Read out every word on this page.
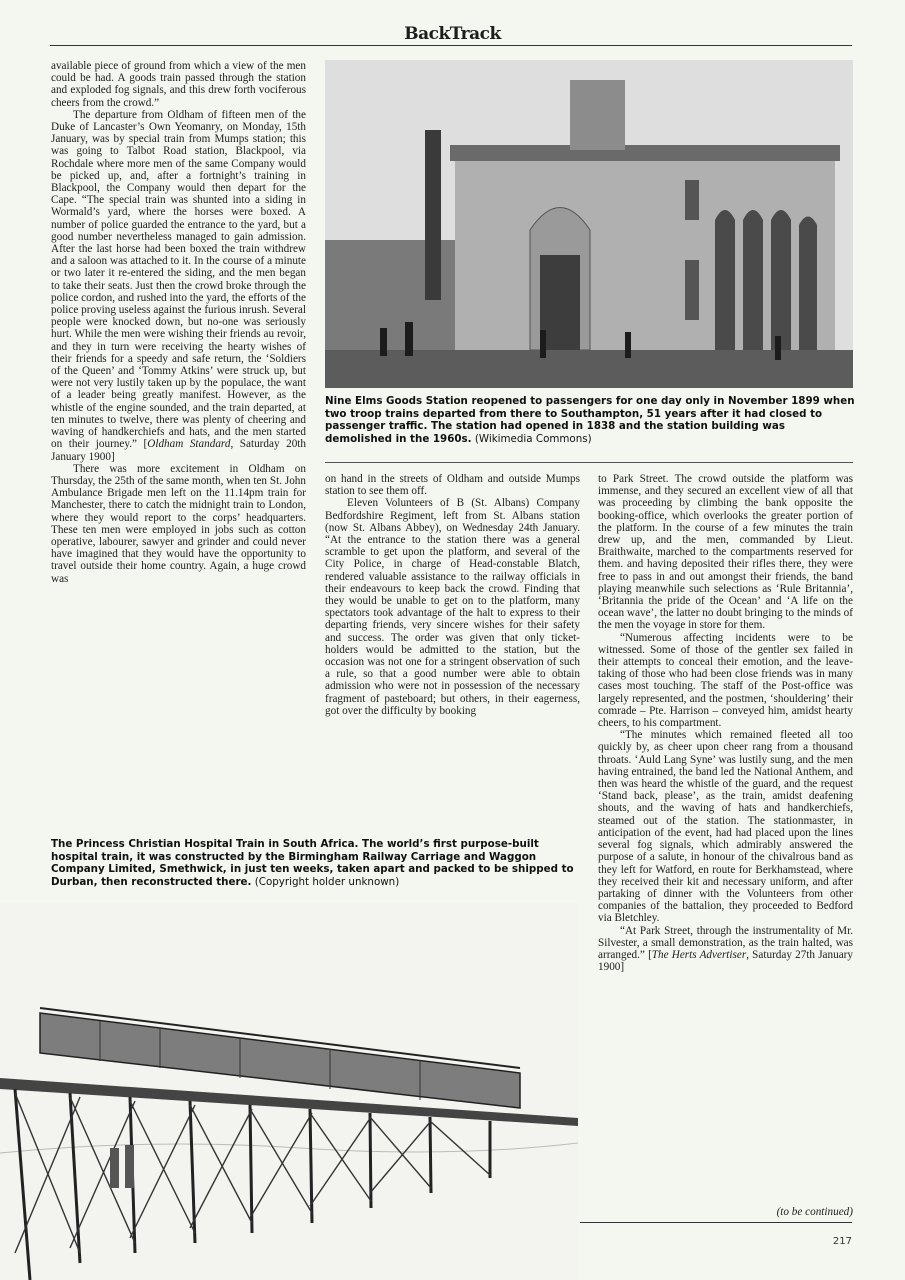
BackTrack

available piece of ground from which a view of the men could be had. A goods train passed through the station and exploded fog signals, and this drew forth vociferous cheers from the crowd.”

The departure from Oldham of fifteen men of the Duke of Lancaster’s Own Yeomanry, on Monday, 15th January, was by special train from Mumps station; this was going to Talbot Road station, Blackpool, via Rochdale where more men of the same Company would be picked up, and, after a fortnight’s training in Blackpool, the Company would then depart for the Cape. “The special train was shunted into a siding in Wormald’s yard, where the horses were boxed. A number of police guarded the entrance to the yard, but a good number nevertheless managed to gain admission. After the last horse had been boxed the train withdrew and a saloon was attached to it. In the course of a minute or two later it re-entered the siding, and the men began to take their seats. Just then the crowd broke through the police cordon, and rushed into the yard, the efforts of the police proving useless against the furious inrush. Several people were knocked down, but no-one was seriously hurt. While the men were wishing their friends au revoir, and they in turn were receiving the hearty wishes of their friends for a speedy and safe return, the ‘Soldiers of the Queen’ and ‘Tommy Atkins’ were struck up, but were not very lustily taken up by the populace, the want of a leader being greatly manifest. However, as the whistle of the engine sounded, and the train departed, at ten minutes to twelve, there was plenty of cheering and waving of handkerchiefs and hats, and the men started on their journey.” [Oldham Standard, Saturday 20th January 1900]

There was more excitement in Oldham on Thursday, the 25th of the same month, when ten St. John Ambulance Brigade men left on the 11.14pm train for Manchester, there to catch the midnight train to London, where they would report to the corps’ headquarters. These ten men were employed in jobs such as cotton operative, labourer, sawyer and grinder and could never have imagined that they would have the opportunity to travel outside their home country. Again, a huge crowd was

Nine Elms Goods Station reopened to passengers for one day only in November 1899 when two troop trains departed from there to Southampton, 51 years after it had closed to passenger traffic. The station had opened in 1838 and the station building was demolished in the 1960s. (Wikimedia Commons)

on hand in the streets of Oldham and outside Mumps station to see them off.

Eleven Volunteers of B (St. Albans) Company Bedfordshire Regiment, left from St. Albans station (now St. Albans Abbey), on Wednesday 24th January. “At the entrance to the station there was a general scramble to get upon the platform, and several of the City Police, in charge of Head-constable Blatch, rendered valuable assistance to the railway officials in their endeavours to keep back the crowd. Finding that they would be unable to get on to the platform, many spectators took advantage of the halt to express to their departing friends, very sincere wishes for their safety and success. The order was given that only ticket-holders would be admitted to the station, but the occasion was not one for a stringent observation of such a rule, so that a good number were able to obtain admission who were not in possession of the necessary fragment of pasteboard; but others, in their eagerness, got over the difficulty by booking

to Park Street. The crowd outside the platform was immense, and they secured an excellent view of all that was proceeding by climbing the bank opposite the booking-office, which overlooks the greater portion of the platform. In the course of a few minutes the train drew up, and the men, commanded by Lieut. Braithwaite, marched to the compartments reserved for them. and having deposited their rifles there, they were free to pass in and out amongst their friends, the band playing meanwhile such selections as ‘Rule Britannia’, ‘Britannia the pride of the Ocean’ and ‘A life on the ocean wave’, the latter no doubt bringing to the minds of the men the voyage in store for them.

“Numerous affecting incidents were to be witnessed. Some of those of the gentler sex failed in their attempts to conceal their emotion, and the leave-taking of those who had been close friends was in many cases most touching. The staff of the Post-office was largely represented, and the postmen, ‘shouldering’ their comrade – Pte. Harrison – conveyed him, amidst hearty cheers, to his compartment.

“The minutes which remained fleeted all too quickly by, as cheer upon cheer rang from a thousand throats. ‘Auld Lang Syne’ was lustily sung, and the men having entrained, the band led the National Anthem, and then was heard the whistle of the guard, and the request ‘Stand back, please’, as the train, amidst deafening shouts, and the waving of hats and handkerchiefs, steamed out of the station. The stationmaster, in anticipation of the event, had had placed upon the lines several fog signals, which admirably answered the purpose of a salute, in honour of the chivalrous band as they left for Watford, en route for Berkhamstead, where they received their kit and necessary uniform, and after partaking of dinner with the Volunteers from other companies of the battalion, they proceeded to Bedford via Bletchley.

“At Park Street, through the instrumentality of Mr. Silvester, a small demonstration, as the train halted, was arranged.” [The Herts Advertiser, Saturday 27th January 1900]

(to be continued)
The Princess Christian Hospital Train in South Africa. The world’s first purpose-built hospital train, it was constructed by the Birmingham Railway Carriage and Waggon Company Limited, Smethwick, in just ten weeks, taken apart and packed to be shipped to Durban, then reconstructed there. (Copyright holder unknown)
217
